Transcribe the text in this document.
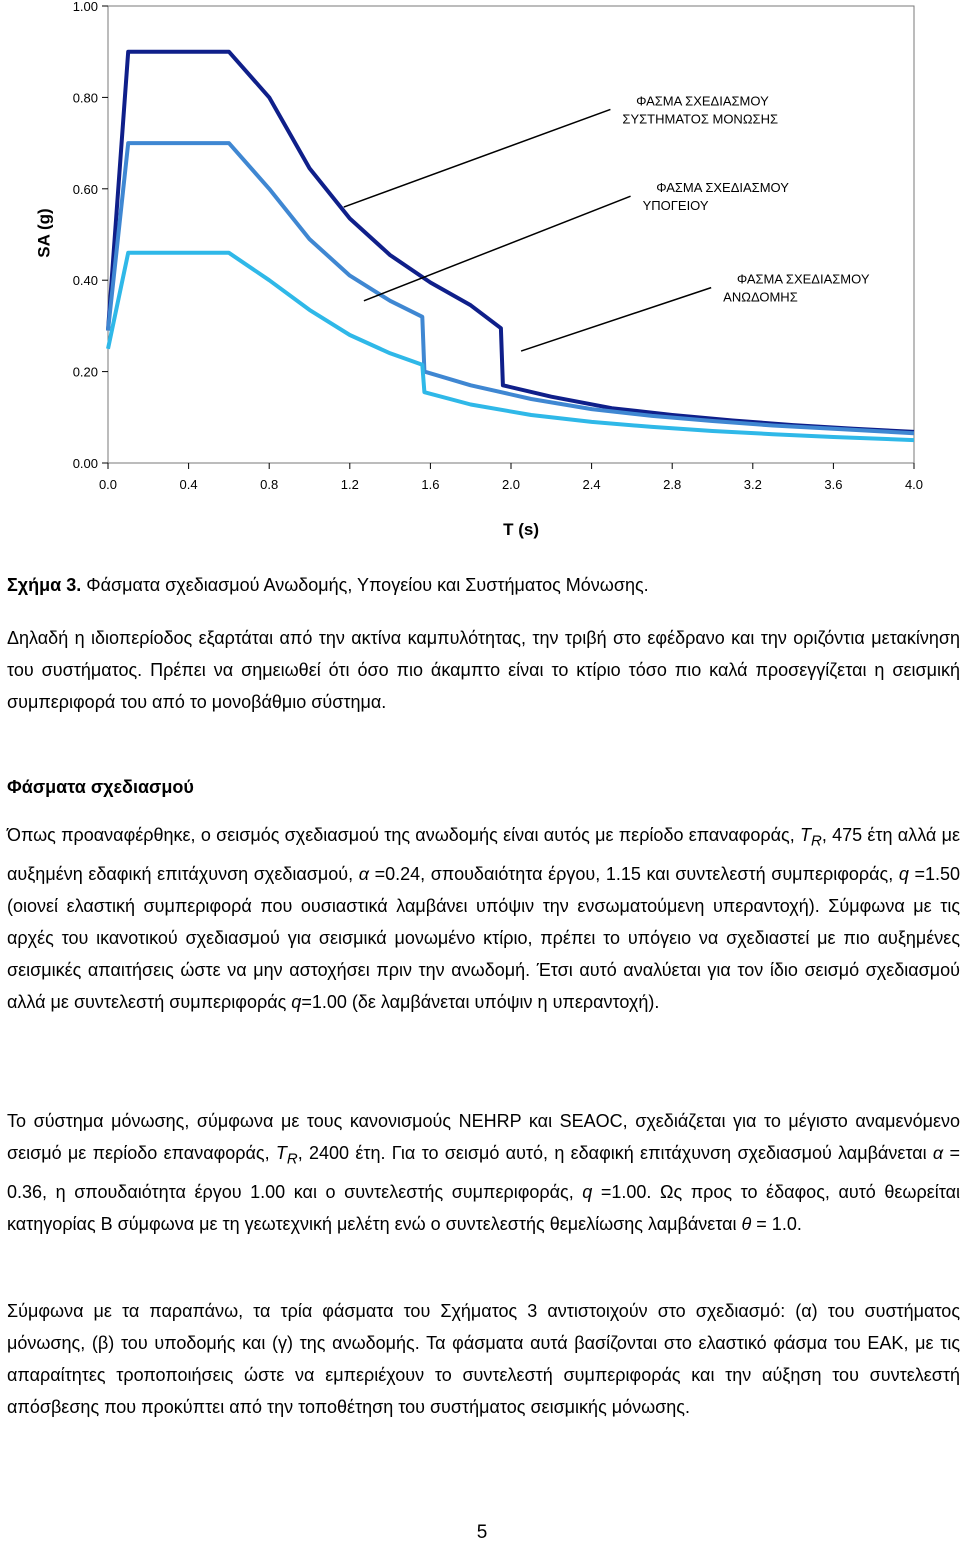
0.00
0.20
0.40
0.60
0.80
1.00
0.0	0.4	0.8	1.2	1.6	2.0	2.4	2.8	3.2	3.6	4.0
T (s)
ΦΑΣΜΑ ΣΧΕΔΙΑΣΜΟΥ
ΣΥΣΤΗΜΑΤΟΣ ΜΟΝΩΣΗΣ
ΦΑΣΜΑ ΣΧΕΔΙΑΣΜΟΥ
ΥΠΟΓΕΙΟΥ
ΦΑΣΜΑ ΣΧΕΔΙΑΣΜΟΥ
ΑΝΩΔΟΜΗΣ
SA (g)
Σχήμα 3. Φάσματα σχεδιασμού Ανωδομής, Υπογείου και Συστήματος Μόνωσης.

Δηλαδή η ιδιοπερίοδος εξαρτάται από την ακτίνα καμπυλότητας, την τριβή στο εφέδρανο και την οριζόντια μετακίνηση του συστήματος. Πρέπει να σημειωθεί ότι όσο πιο άκαμπτο είναι το κτίριο τόσο πιο καλά προσεγγίζεται η σεισμική συμπεριφορά του από το μονοβάθμιο σύστημα.

Φάσματα σχεδιασμού

Όπως προαναφέρθηκε, ο σεισμός σχεδιασμού της ανωδομής είναι αυτός με περίοδο επαναφοράς, $T_R$, 475 έτη αλλά με αυξημένη εδαφική επιτάχυνση σχεδιασμού, α =0.24, σπουδαιότητα έργου, 1.15 και συντελεστή συμπεριφοράς, q =1.50 (οιονεί ελαστική συμπεριφορά που ουσιαστικά λαμβάνει υπόψιν την ενσωματούμενη υπεραντοχή). Σύμφωνα με τις αρχές του ικανοτικού σχεδιασμού για σεισμικά μονωμένο κτίριο, πρέπει το υπόγειο να σχεδιαστεί με πιο αυξημένες σεισμικές απαιτήσεις ώστε να μην αστοχήσει πριν την ανωδομή. Έτσι αυτό αναλύεται για τον ίδιο σεισμό σχεδιασμού αλλά με συντελεστή συμπεριφοράς q=1.00 (δε λαμβάνεται υπόψιν η υπεραντοχή).

Το σύστημα μόνωσης, σύμφωνα με τους κανονισμούς NEHRP και SEAOC, σχεδιάζεται για το μέγιστο αναμενόμενο σεισμό με περίοδο επαναφοράς, $T_R$, 2400 έτη. Για το σεισμό αυτό, η εδαφική επιτάχυνση σχεδιασμού λαμβάνεται α = 0.36, η σπουδαιότητα έργου 1.00 και ο συντελεστής συμπεριφοράς, q =1.00. Ως προς το έδαφος, αυτό θεωρείται κατηγορίας Β σύμφωνα με τη γεωτεχνική μελέτη ενώ ο συντελεστής θεμελίωσης λαμβάνεται θ = 1.0.

Σύμφωνα με τα παραπάνω, τα τρία φάσματα του Σχήματος 3 αντιστοιχούν στο σχεδιασμό: (α) του συστήματος μόνωσης, (β) του υποδομής και (γ) της ανωδομής. Τα φάσματα αυτά βασίζονται στο ελαστικό φάσμα του ΕΑΚ, με τις απαραίτητες τροποποιήσεις ώστε να εμπεριέχουν το συντελεστή συμπεριφοράς και την αύξηση του συντελεστή απόσβεσης που προκύπτει από την τοποθέτηση του συστήματος σεισμικής μόνωσης.

5
